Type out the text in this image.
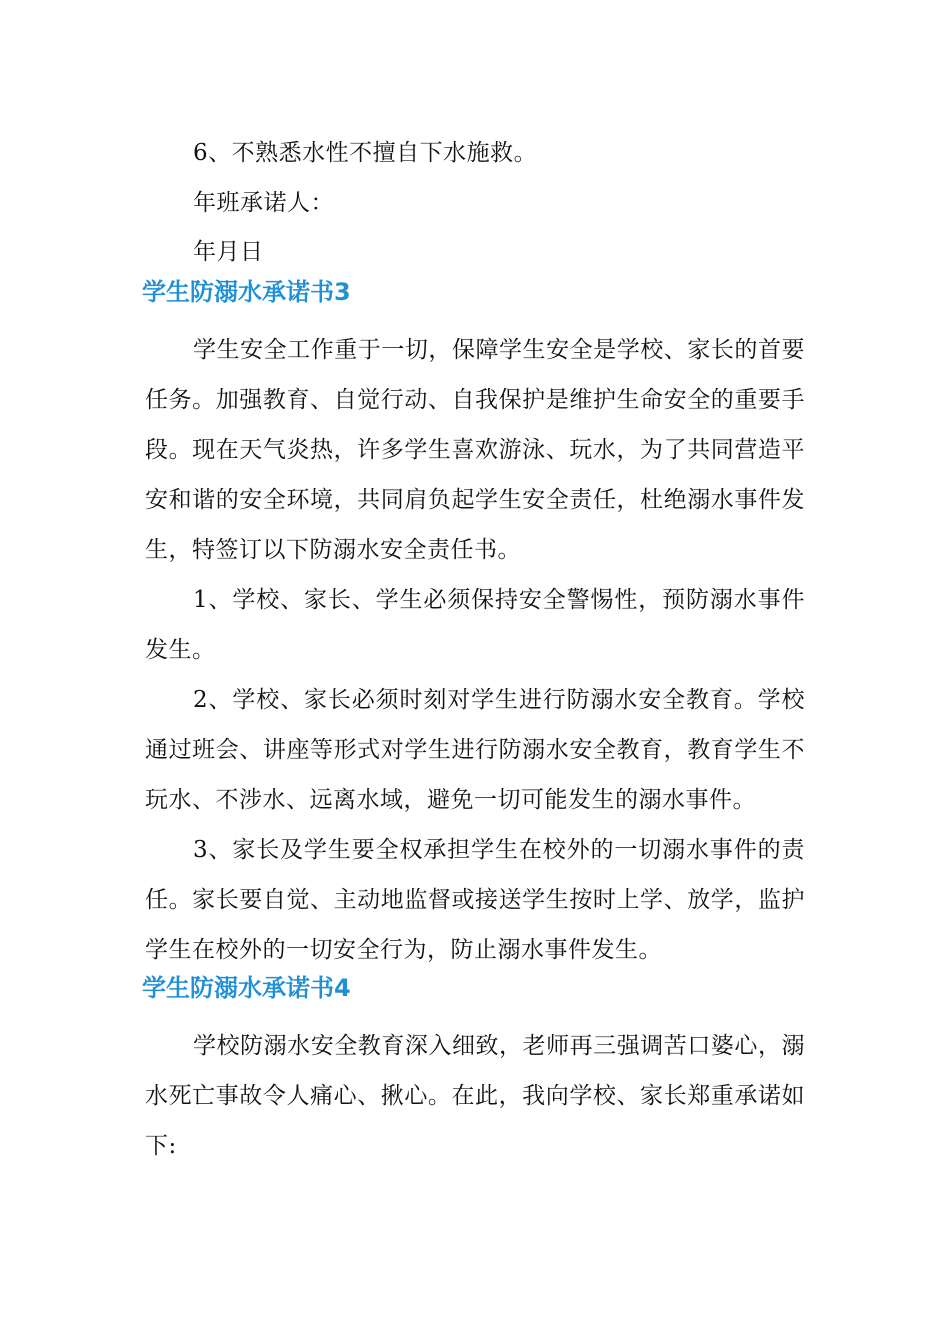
6、不熟悉水性不擅自下水施救。

年班承诺人：

年月日

学生防溺水承诺书3

学生安全工作重于一切，保障学生安全是学校、家长的首要任务。加强教育、自觉行动、自我保护是维护生命安全的重要手段。现在天气炎热，许多学生喜欢游泳、玩水，为了共同营造平安和谐的安全环境，共同肩负起学生安全责任，杜绝溺水事件发生，特签订以下防溺水安全责任书。

1、学校、家长、学生必须保持安全警惕性，预防溺水事件发生。

2、学校、家长必须时刻对学生进行防溺水安全教育。学校通过班会、讲座等形式对学生进行防溺水安全教育，教育学生不玩水、不涉水、远离水域，避免一切可能发生的溺水事件。

3、家长及学生要全权承担学生在校外的一切溺水事件的责任。家长要自觉、主动地监督或接送学生按时上学、放学，监护学生在校外的一切安全行为，防止溺水事件发生。

学生防溺水承诺书4

学校防溺水安全教育深入细致，老师再三强调苦口婆心，溺水死亡事故令人痛心、揪心。在此，我向学校、家长郑重承诺如下:
